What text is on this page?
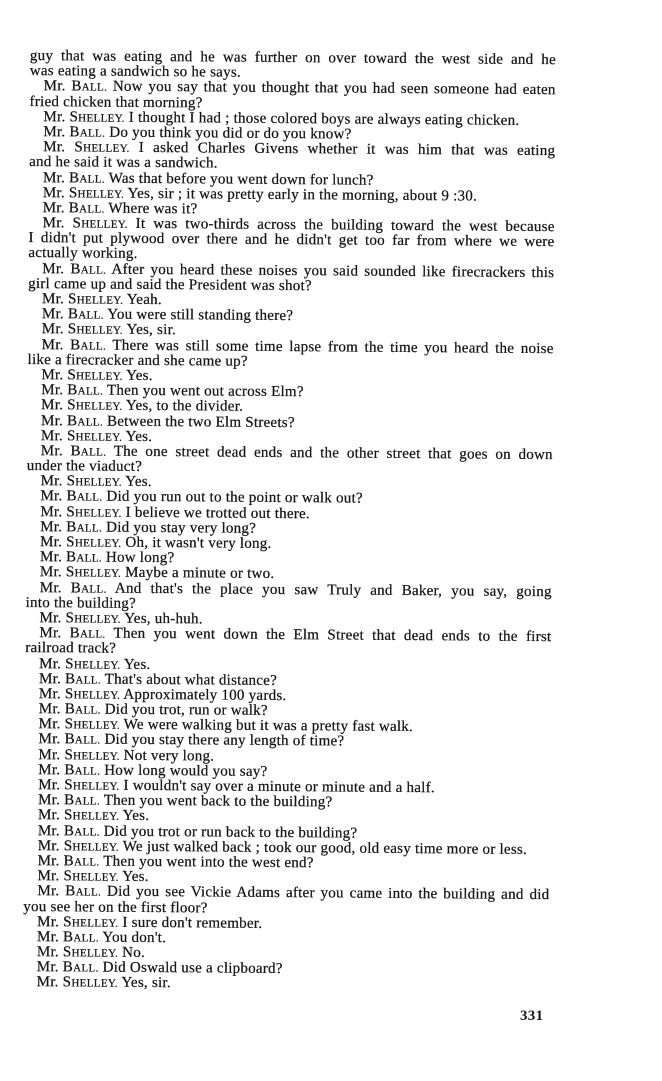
guy that was eating and he was further on over toward the west side and he
was eating a sandwich so he says.
Mr. BALL. Now you say that you thought that you had seen someone had eaten
fried chicken that morning?
Mr. SHELLEY. I thought I had ; those colored boys are always eating chicken.
Mr. BALL. Do you think you did or do you know?
Mr. SHELLEY. I asked Charles Givens whether it was him that was eating
and he said it was a sandwich.
Mr. BALL. Was that before you went down for lunch?
Mr. SHELLEY. Yes, sir ; it was pretty early in the morning, about 9 :30.
Mr. BALL. Where was it?
Mr. SHELLEY. It was two-thirds across the building toward the west because
I didn't put plywood over there and he didn't get too far from where we were
actually working.
Mr. BALL. After you heard these noises you said sounded like firecrackers this
girl came up and said the President was shot?
Mr. SHELLEY. Yeah.
Mr. BALL. You were still standing there?
Mr. SHELLEY. Yes, sir.
Mr. BALL. There was still some time lapse from the time you heard the noise
like a firecracker and she came up?
Mr. SHELLEY. Yes.
Mr. BALL. Then you went out across Elm?
Mr. SHELLEY. Yes, to the divider.
Mr. BALL. Between the two Elm Streets?
Mr. SHELLEY. Yes.
Mr. BALL. The one street dead ends and the other street that goes on down
under the viaduct?
Mr. SHELLEY. Yes.
Mr. BALL. Did you run out to the point or walk out?
Mr. SHELLEY. I believe we trotted out there.
Mr. BALL. Did you stay very long?
Mr. SHELLEY. Oh, it wasn't very long.
Mr. BALL. How long?
Mr. SHELLEY. Maybe a minute or two.
Mr. BALL. And that's the place you saw Truly and Baker, you say, going
into the building?
Mr. SHELLEY. Yes, uh-huh.
Mr. BALL. Then you went down the Elm Street that dead ends to the first
railroad track?
Mr. SHELLEY. Yes.
Mr. BALL. That's about what distance?
Mr. SHELLEY. Approximately 100 yards.
Mr. BALL. Did you trot, run or walk?
Mr. SHELLEY. We were walking but it was a pretty fast walk.
Mr. BALL. Did you stay there any length of time?
Mr. SHELLEY. Not very long.
Mr. BALL. How long would you say?
Mr. SHELLEY. I wouldn't say over a minute or minute and a half.
Mr. BALL. Then you went back to the building?
Mr. SHELLEY. Yes.
Mr. BALL. Did you trot or run back to the building?
Mr. SHELLEY. We just walked back ; took our good, old easy time more or less.
Mr. BALL. Then you went into the west end?
Mr. SHELLEY. Yes.
Mr. BALL. Did you see Vickie Adams after you came into the building and did
you see her on the first floor?
Mr. SHELLEY. I sure don't remember.
Mr. BALL. You don't.
Mr. SHELLEY. No.
Mr. BALL. Did Oswald use a clipboard?
Mr. SHELLEY. Yes, sir.
331
